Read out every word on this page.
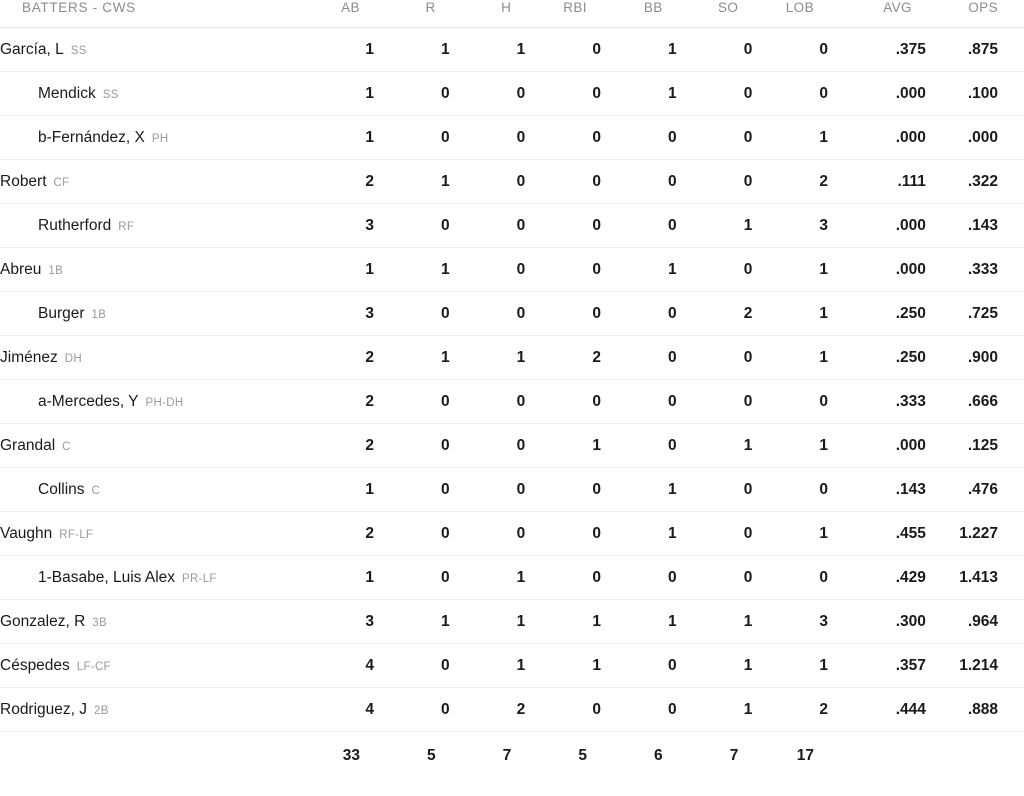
BATTERS - CWS	AB	R	H	RBI	BB	SO	LOB	AVG	OPS
García, L SS	1	1	1	0	1	0	0	.375	.875
Mendick SS	1	0	0	0	1	0	0	.000	.100
b-Fernández, X PH	1	0	0	0	0	0	1	.000	.000
Robert CF	2	1	0	0	0	0	2	.111	.322
Rutherford RF	3	0	0	0	0	1	3	.000	.143
Abreu 1B	1	1	0	0	1	0	1	.000	.333
Burger 1B	3	0	0	0	0	2	1	.250	.725
Jiménez DH	2	1	1	2	0	0	1	.250	.900
a-Mercedes, Y PH-DH	2	0	0	0	0	0	0	.333	.666
Grandal C	2	0	0	1	0	1	1	.000	.125
Collins C	1	0	0	0	1	0	0	.143	.476
Vaughn RF-LF	2	0	0	0	1	0	1	.455	1.227
1-Basabe, Luis Alex PR-LF	1	0	1	0	0	0	0	.429	1.413
Gonzalez, R 3B	3	1	1	1	1	1	3	.300	.964
Céspedes LF-CF	4	0	1	1	0	1	1	.357	1.214
Rodriguez, J 2B	4	0	2	0	0	1	2	.444	.888
	33	5	7	5	6	7	17		
